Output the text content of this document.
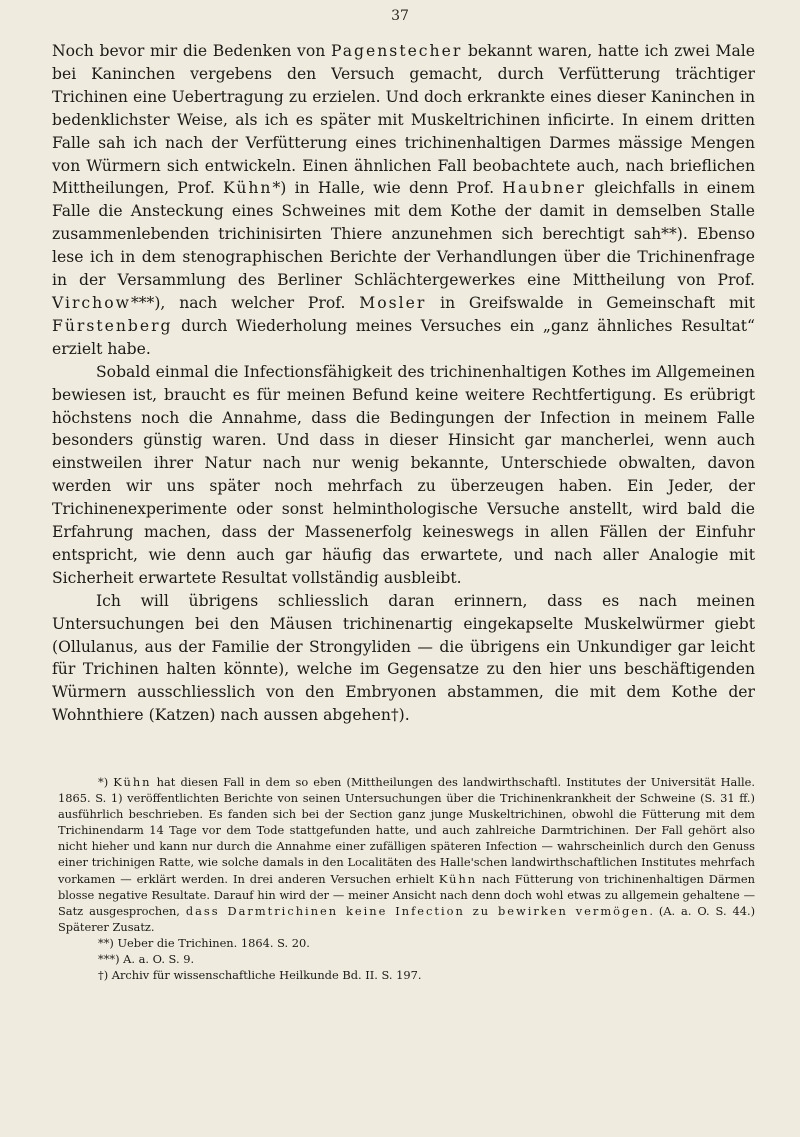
37

Noch bevor mir die Bedenken von Pagenstecher bekannt waren, hatte ich zwei Male bei Kaninchen vergebens den Versuch gemacht, durch Verfütterung trächtiger Trichinen eine Uebertragung zu erzielen. Und doch erkrankte eines dieser Kaninchen in bedenklichster Weise, als ich es später mit Muskeltrichinen inficirte. In einem dritten Falle sah ich nach der Verfütterung eines trichinenhaltigen Darmes mässige Mengen von Würmern sich entwickeln. Einen ähnlichen Fall beobachtete auch, nach brieflichen Mittheilungen, Prof. Kühn*) in Halle, wie denn Prof. Haubner gleichfalls in einem Falle die Ansteckung eines Schweines mit dem Kothe der damit in demselben Stalle zusammenlebenden trichinisirten Thiere anzunehmen sich berechtigt sah**). Ebenso lese ich in dem stenographischen Berichte der Verhandlungen über die Trichinenfrage in der Versammlung des Berliner Schlächtergewerkes eine Mittheilung von Prof. Virchow***), nach welcher Prof. Mosler in Greifswalde in Gemeinschaft mit Fürstenberg durch Wiederholung meines Versuches ein „ganz ähnliches Resultat“ erzielt habe.

Sobald einmal die Infectionsfähigkeit des trichinenhaltigen Kothes im Allgemeinen bewiesen ist, braucht es für meinen Befund keine weitere Rechtfertigung. Es erübrigt höchstens noch die Annahme, dass die Bedingungen der Infection in meinem Falle besonders günstig waren. Und dass in dieser Hinsicht gar mancherlei, wenn auch einstweilen ihrer Natur nach nur wenig bekannte, Unterschiede obwalten, davon werden wir uns später noch mehrfach zu überzeugen haben. Ein Jeder, der Trichinenexperimente oder sonst helminthologische Versuche anstellt, wird bald die Erfahrung machen, dass der Massenerfolg keineswegs in allen Fällen der Einfuhr entspricht, wie denn auch gar häufig das erwartete, und nach aller Analogie mit Sicherheit erwartete Resultat vollständig ausbleibt.

Ich will übrigens schliesslich daran erinnern, dass es nach meinen Untersuchungen bei den Mäusen trichinenartig eingekapselte Muskelwürmer giebt (Ollulanus, aus der Familie der Strongyliden — die übrigens ein Unkundiger gar leicht für Trichinen halten könnte), welche im Gegensatze zu den hier uns beschäftigenden Würmern ausschliesslich von den Embryonen abstammen, die mit dem Kothe der Wohnthiere (Katzen) nach aussen abgehen†).

*) Kühn hat diesen Fall in dem so eben (Mittheilungen des landwirthschaftl. Institutes der Universität Halle. 1865. S. 1) veröffentlichten Berichte von seinen Untersuchungen über die Trichinenkrankheit der Schweine (S. 31 ff.) ausführlich beschrieben. Es fanden sich bei der Section ganz junge Muskeltrichinen, obwohl die Fütterung mit dem Trichinendarm 14 Tage vor dem Tode stattgefunden hatte, und auch zahlreiche Darmtrichinen. Der Fall gehört also nicht hieher und kann nur durch die Annahme einer zufälligen späteren Infection — wahrscheinlich durch den Genuss einer trichinigen Ratte, wie solche damals in den Localitäten des Halle'schen landwirthschaftlichen Institutes mehrfach vorkamen — erklärt werden. In drei anderen Versuchen erhielt Kühn nach Fütterung von trichinenhaltigen Därmen blosse negative Resultate. Darauf hin wird der — meiner Ansicht nach denn doch wohl etwas zu allgemein gehaltene — Satz ausgesprochen, dass Darmtrichinen keine Infection zu bewirken vermögen. (A. a. O. S. 44.) Späterer Zusatz.

**) Ueber die Trichinen. 1864. S. 20.

***) A. a. O. S. 9.

†) Archiv für wissenschaftliche Heilkunde Bd. II. S. 197.
